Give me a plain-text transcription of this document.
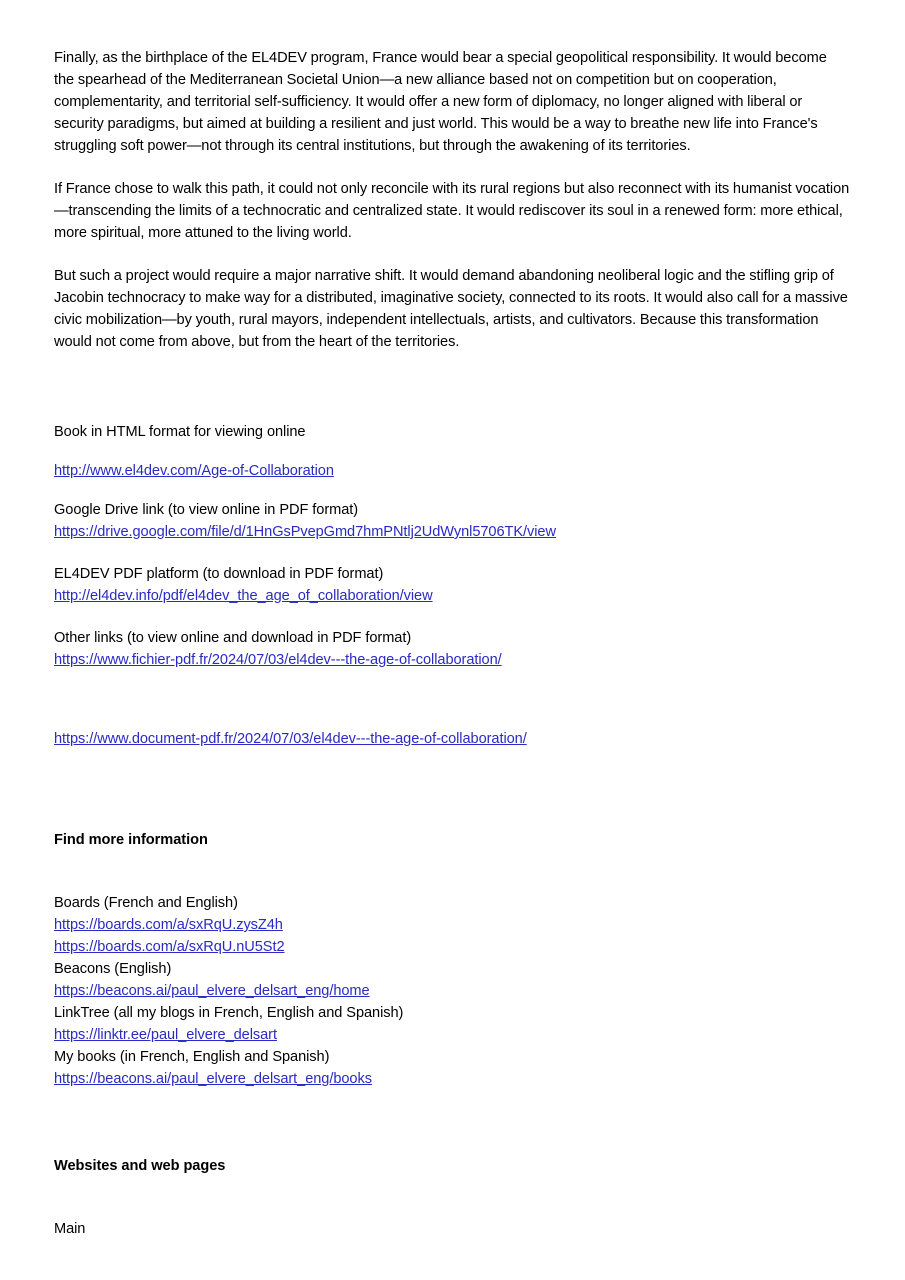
Finally, as the birthplace of the EL4DEV program, France would bear a special geopolitical responsibility. It would become the spearhead of the Mediterranean Societal Union—a new alliance based not on competition but on cooperation, complementarity, and territorial self-sufficiency. It would offer a new form of diplomacy, no longer aligned with liberal or security paradigms, but aimed at building a resilient and just world. This would be a way to breathe new life into France's struggling soft power—not through its central institutions, but through the awakening of its territories.

If France chose to walk this path, it could not only reconcile with its rural regions but also reconnect with its humanist vocation—transcending the limits of a technocratic and centralized state. It would rediscover its soul in a renewed form: more ethical, more spiritual, more attuned to the living world.

But such a project would require a major narrative shift. It would demand abandoning neoliberal logic and the stifling grip of Jacobin technocracy to make way for a distributed, imaginative society, connected to its roots. It would also call for a massive civic mobilization—by youth, rural mayors, independent intellectuals, artists, and cultivators. Because this transformation would not come from above, but from the heart of the territories.

Book in HTML format for viewing online
http://www.el4dev.com/Age-of-Collaboration
Google Drive link (to view online in PDF format)
https://drive.google.com/file/d/1HnGsPvepGmd7hmPNtlj2UdWynl5706TK/view
EL4DEV PDF platform (to download in PDF format)
http://el4dev.info/pdf/el4dev_the_age_of_collaboration/view
Other links (to view online and download in PDF format)
https://www.fichier-pdf.fr/2024/07/03/el4dev---the-age-of-collaboration/
https://www.document-pdf.fr/2024/07/03/el4dev---the-age-of-collaboration/
Find more information
Boards (French and English)
https://boards.com/a/sxRqU.zysZ4h
https://boards.com/a/sxRqU.nU5St2
Beacons (English)
https://beacons.ai/paul_elvere_delsart_eng/home
LinkTree (all my blogs in French, English and Spanish)
https://linktr.ee/paul_elvere_delsart
My books (in French, English and Spanish)
https://beacons.ai/paul_elvere_delsart_eng/books
Websites and web pages
Main
